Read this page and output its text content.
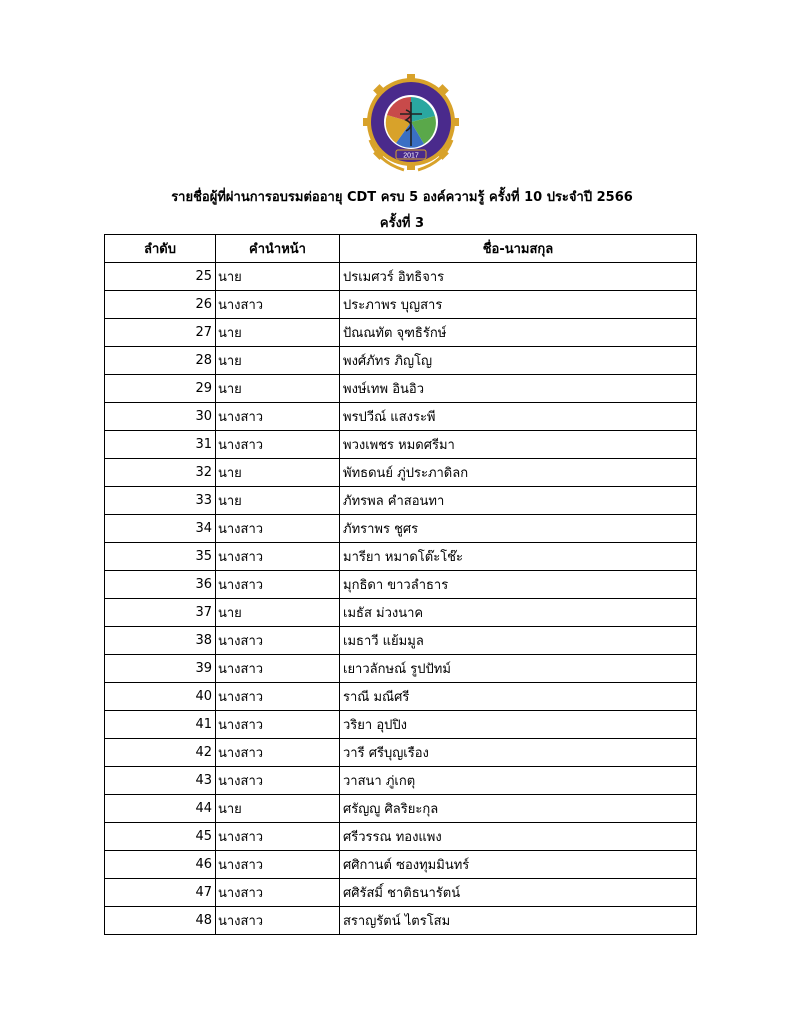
2017
รายชื่อผู้ที่ผ่านการอบรมต่ออายุ CDT ครบ 5 องค์ความรู้ ครั้งที่ 10 ประจำปี 2566
ครั้งที่ 3
ลำดับ	คำนำหน้า	ชื่อ-นามสกุล
25	นาย	ปรเมศวร์ อิทธิจาร
26	นางสาว	ประภาพร บุญสาร
27	นาย	ปัณณทัต จุฑธิรักษ์
28	นาย	พงศ์ภัทร ภิญโญ
29	นาย	พงษ์เทพ อินอิว
30	นางสาว	พรปวีณ์ แสงระพี
31	นางสาว	พวงเพชร หมดศรีมา
32	นาย	พัทธดนย์ ภู่ประภาดิลก
33	นาย	ภัทรพล คำสอนทา
34	นางสาว	ภัทราพร ชูศร
35	นางสาว	มารียา หมาดโต๊ะโช๊ะ
36	นางสาว	มุกธิดา ขาวลำธาร
37	นาย	เมธัส ม่วงนาค
38	นางสาว	เมธาวี แย้มมูล
39	นางสาว	เยาวลักษณ์ รูปปัทม์
40	นางสาว	ราณี มณีศรี
41	นางสาว	วริยา อุปปิง
42	นางสาว	วารี ศรีบุญเรือง
43	นางสาว	วาสนา ภู่เกตุ
44	นาย	ศรัญญู ศิลริยะกุล
45	นางสาว	ศรีวรรณ ทองแพง
46	นางสาว	ศศิกานต์ ซองทุมมินทร์
47	นางสาว	ศศิรัสมิ์ ชาติธนารัตน์
48	นางสาว	สราญรัตน์ ไตรโสม
